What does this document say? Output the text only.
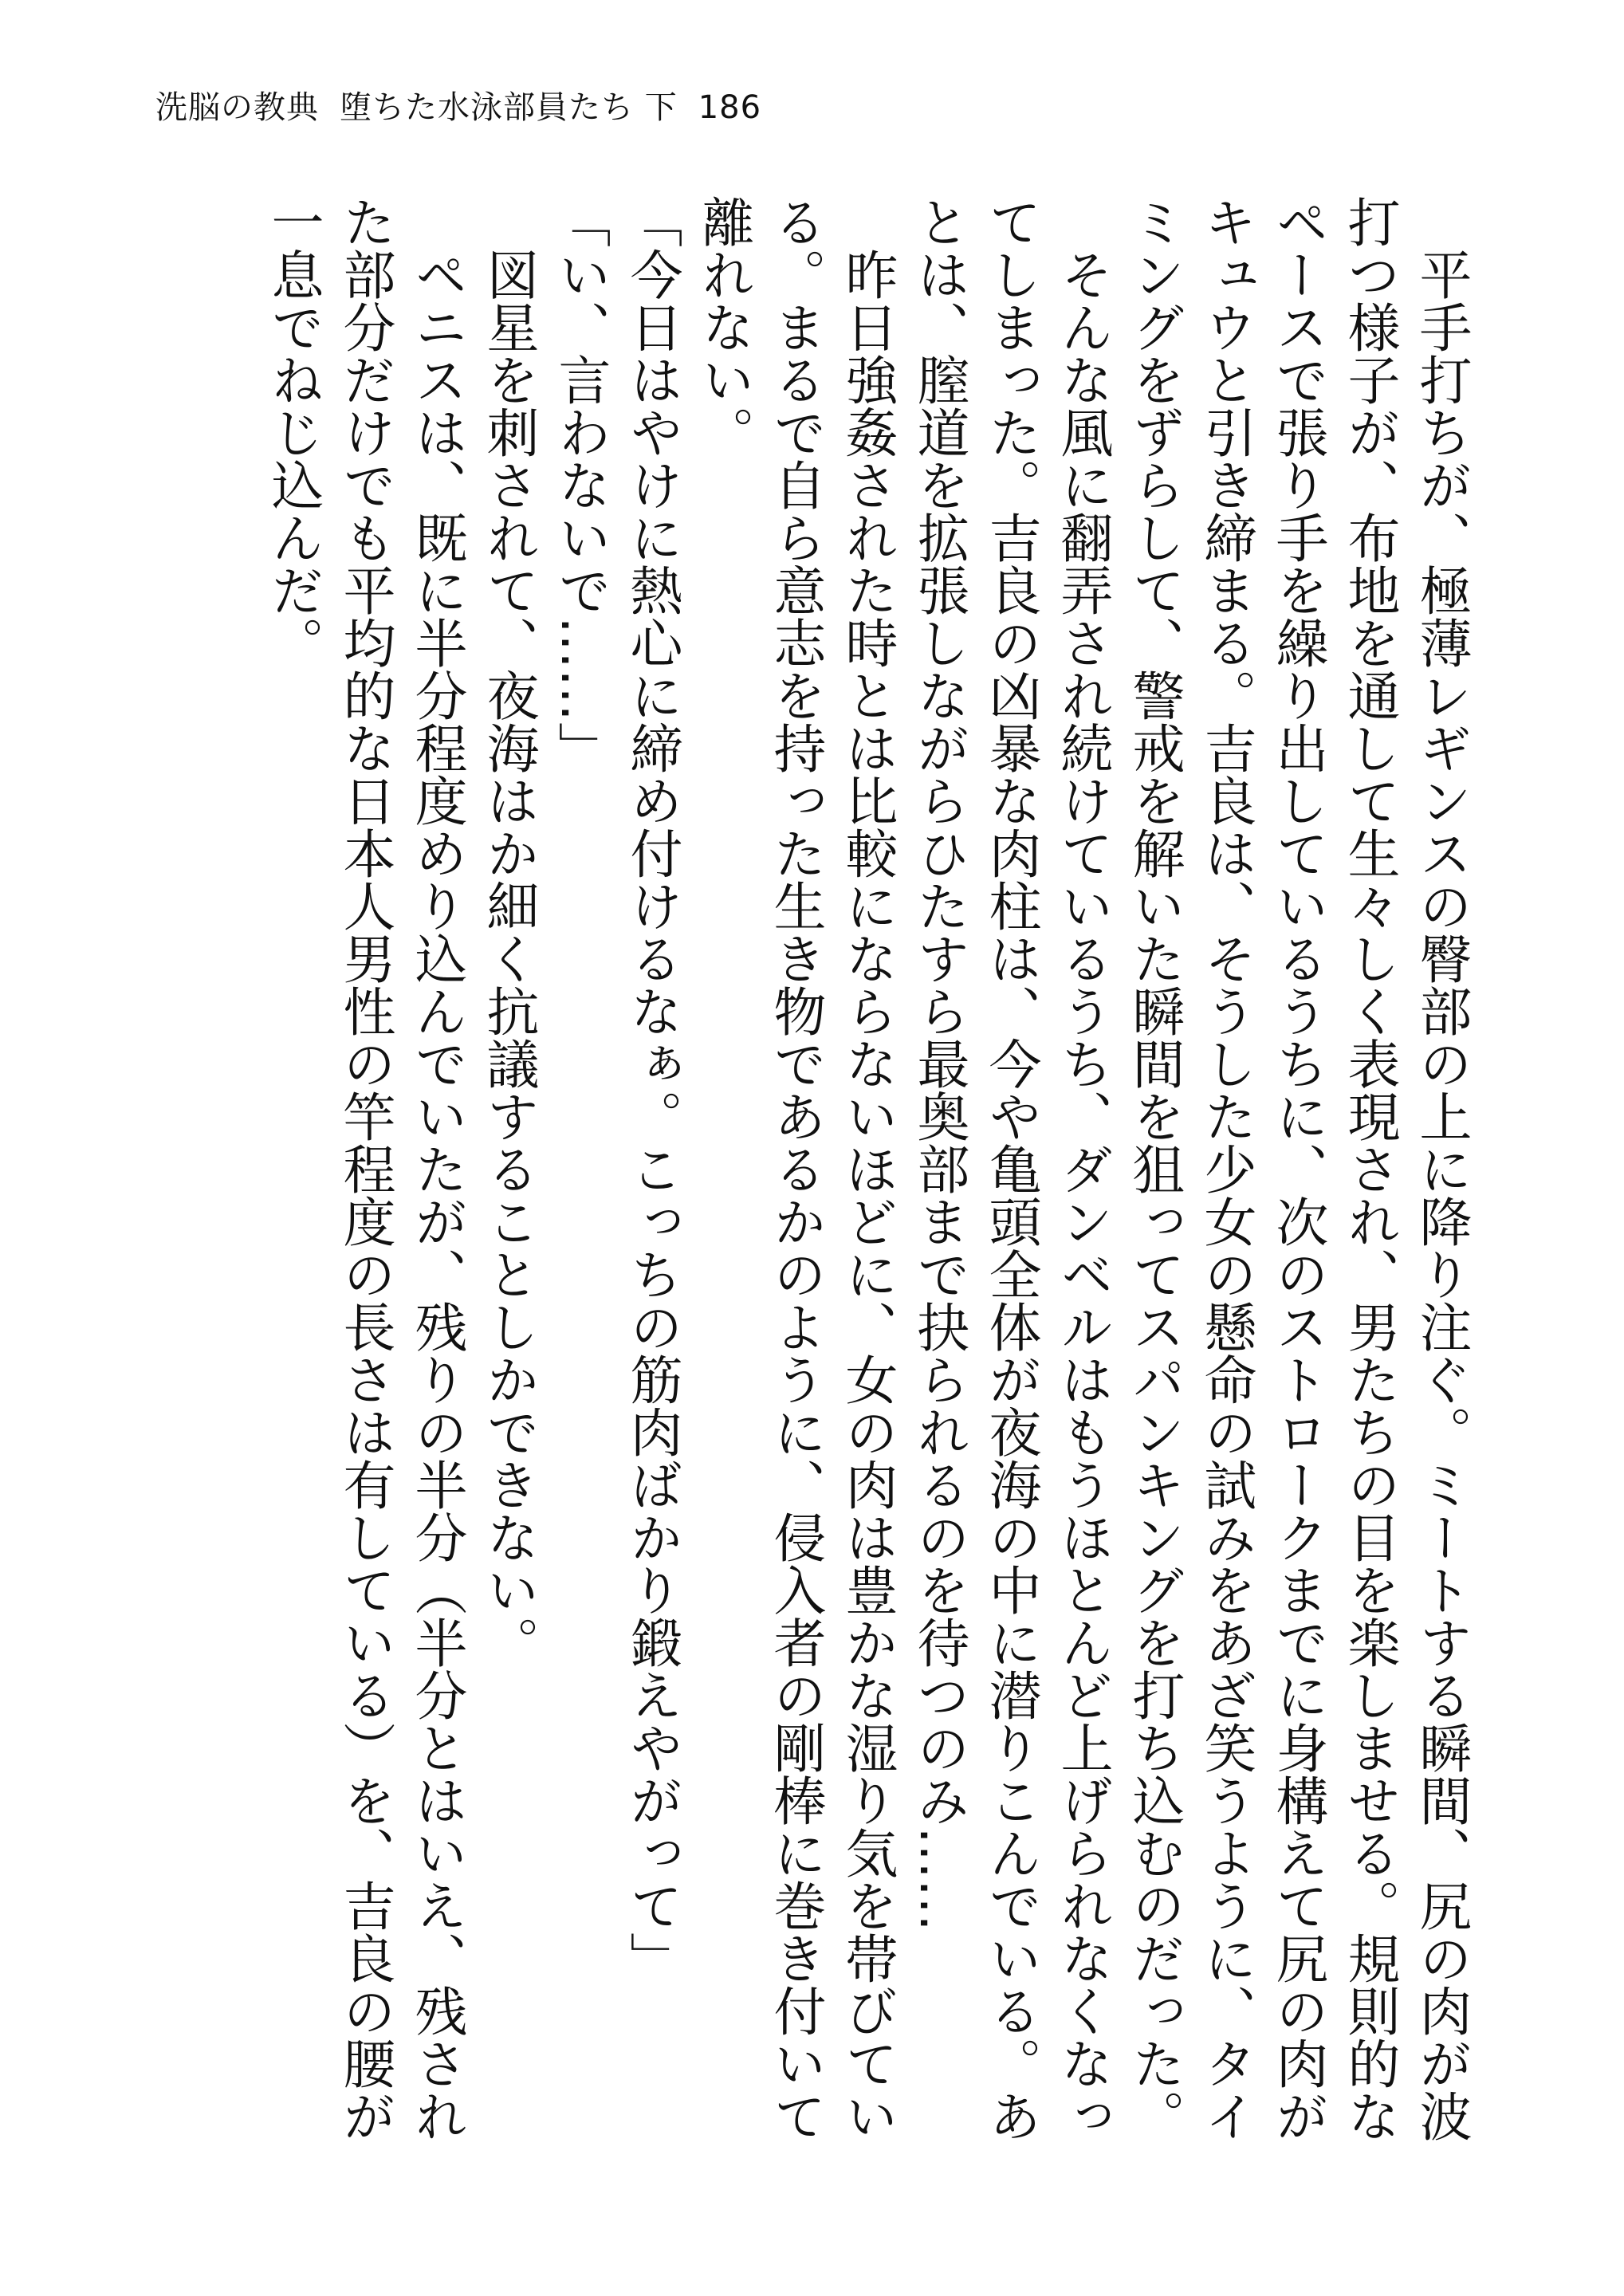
洗脳の教典 堕ちた水泳部員たち 下 186

平手打ちが、極薄レギンスの臀部の上に降り注ぐ。ミートする瞬間、尻の肉が波打つ様子が、布地を通して生々しく表現され、男たちの目を楽しませる。規則的なペースで張り手を繰り出しているうちに、次のストロークまでに身構えて尻の肉がキュウと引き締まる。吉良は、そうした少女の懸命の試みをあざ笑うように、タイミングをずらして、警戒を解いた瞬間を狙ってスパンキングを打ち込むのだった。

そんな風に翻弄され続けているうち、ダンベルはもうほとんど上げられなくなってしまった。吉良の凶暴な肉柱は、今や亀頭全体が夜海の中に潜りこんでいる。あとは、膣道を拡張しながらひたすら最奥部まで抉られるのを待つのみ……

昨日強姦された時とは比較にならないほどに、女の肉は豊かな湿り気を帯びている。まるで自ら意志を持った生き物であるかのように、侵入者の剛棒に巻き付いて離れない。

「今日はやけに熱心に締め付けるなぁ。こっちの筋肉ばかり鍛えやがって」

「い、言わないで……」

図星を刺されて、夜海はか細く抗議することしかできない。

ペニスは、既に半分程度めり込んでいたが、残りの半分（半分とはいえ、残された部分だけでも平均的な日本人男性の竿程度の長さは有している）を、吉良の腰が一息でねじ込んだ。
